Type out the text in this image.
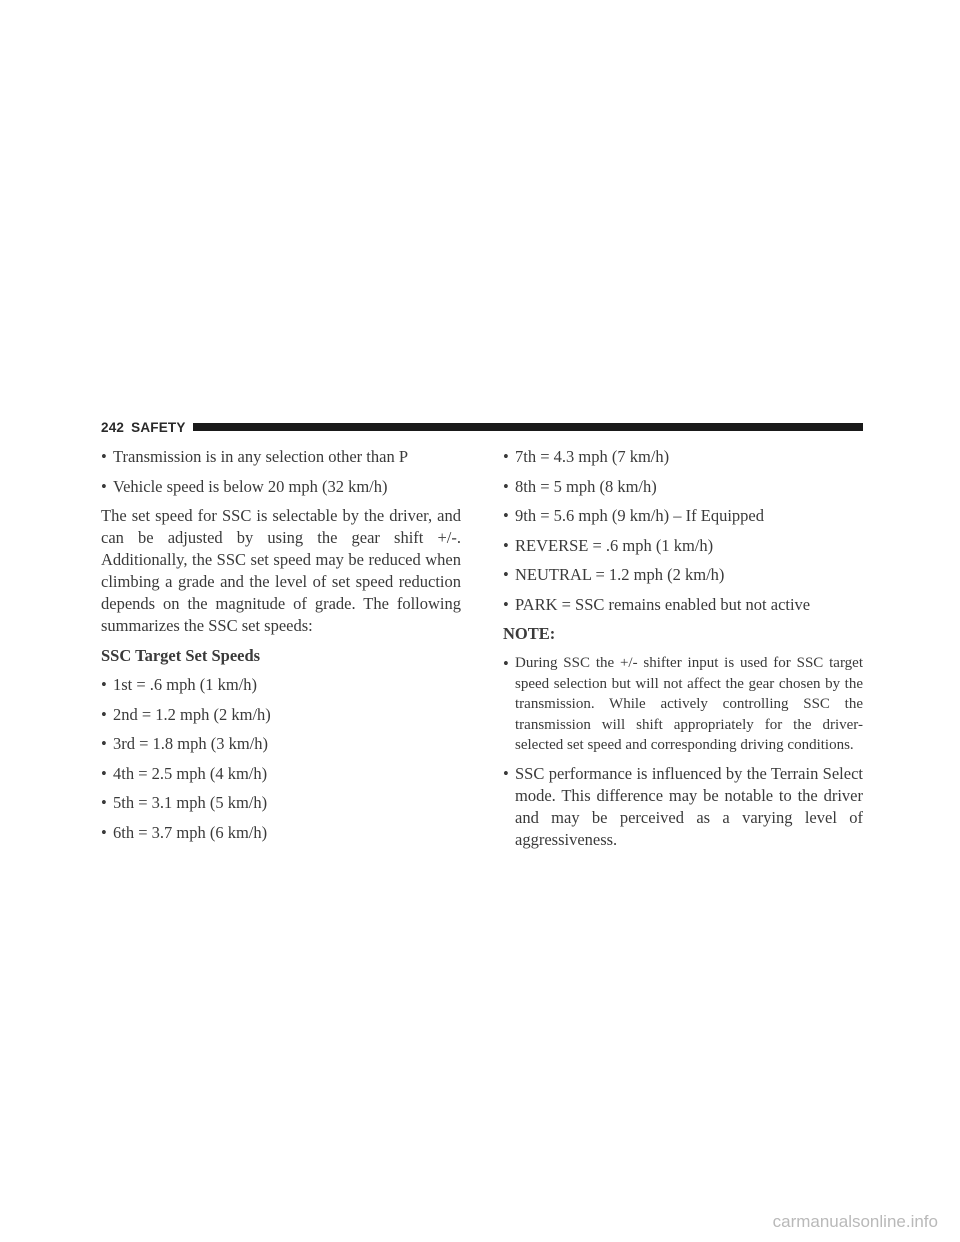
242 SAFETY
• Transmission is in any selection other than P
• Vehicle speed is below 20 mph (32 km/h)

The set speed for SSC is selectable by the driver, and can be adjusted by using the gear shift +/-. Additionally, the SSC set speed may be reduced when climbing a grade and the level of set speed reduction depends on the magnitude of grade. The following summarizes the SSC set speeds:

SSC Target Set Speeds
• 1st = .6 mph (1 km/h)
• 2nd = 1.2 mph (2 km/h)
• 3rd = 1.8 mph (3 km/h)
• 4th = 2.5 mph (4 km/h)
• 5th = 3.1 mph (5 km/h)
• 6th = 3.7 mph (6 km/h)
• 7th = 4.3 mph (7 km/h)
• 8th = 5 mph (8 km/h)
• 9th = 5.6 mph (9 km/h) – If Equipped
• REVERSE = .6 mph (1 km/h)
• NEUTRAL = 1.2 mph (2 km/h)
• PARK = SSC remains enabled but not active
NOTE:
• During SSC the +/- shifter input is used for SSC target speed selection but will not affect the gear chosen by the transmission. While actively controlling SSC the transmission will shift appropriately for the driver-selected set speed and corresponding driving conditions.
• SSC performance is influenced by the Terrain Select mode. This difference may be notable to the driver and may be perceived as a varying level of aggressiveness.
carmanualsonline.info
